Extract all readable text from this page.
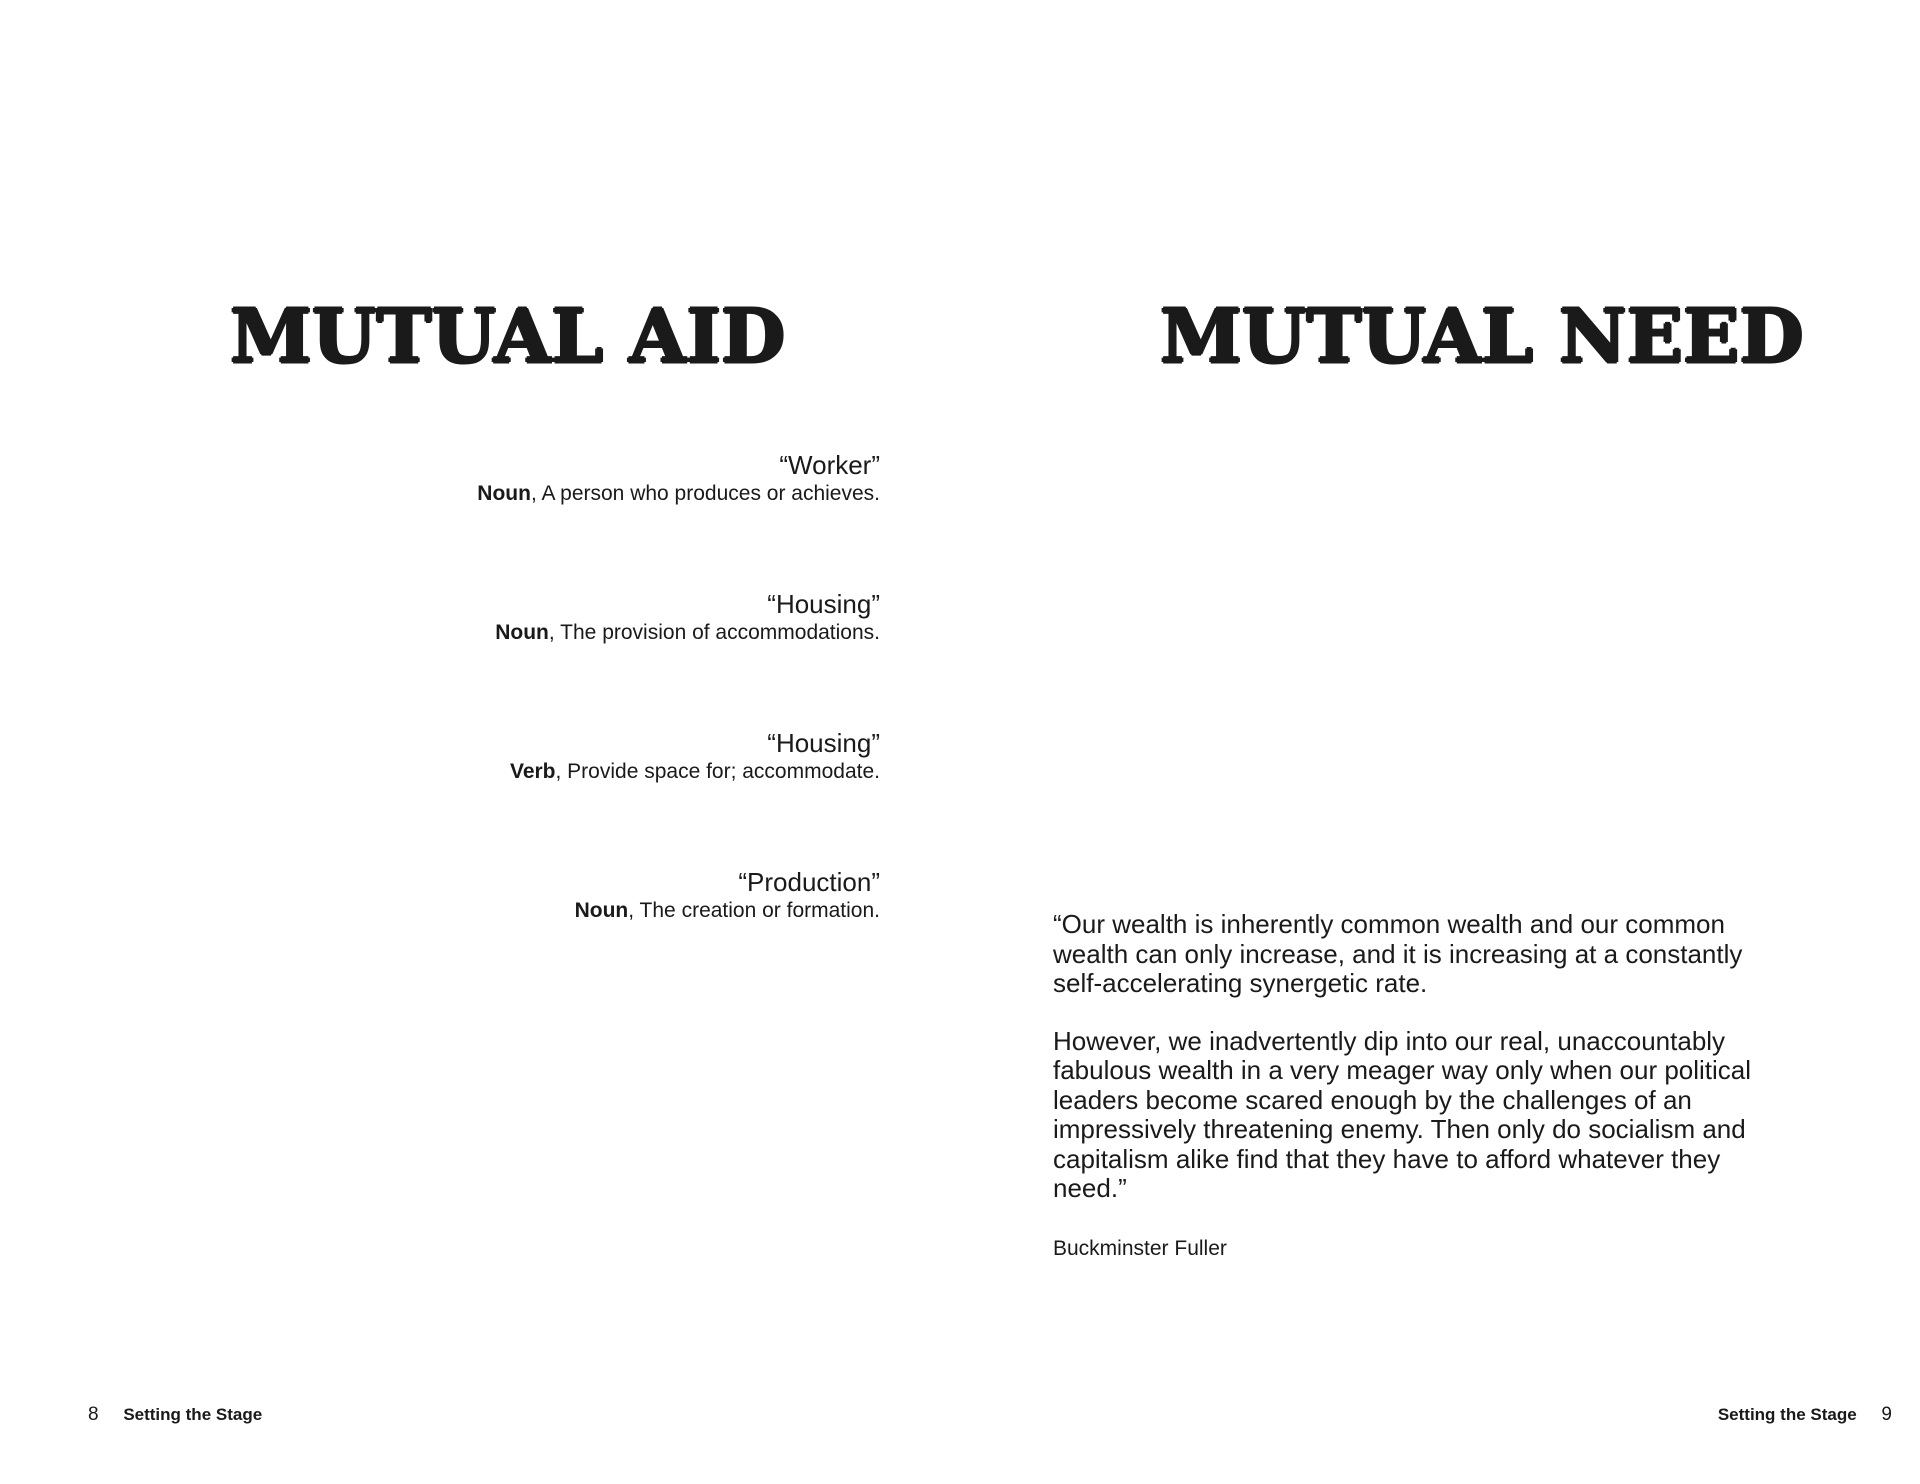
MUTUAL AID
“Worker”
Noun, A person who produces or achieves.
“Housing”
Noun, The provision of accommodations.
“Housing”
Verb, Provide space for; accommodate.
“Production”
Noun, The creation or formation.
8 Setting the Stage
MUTUAL NEED

“Our wealth is inherently common wealth and our common wealth can only increase, and it is increasing at a constantly self-accelerating synergetic rate.

However, we inadvertently dip into our real, unaccountably fabulous wealth in a very meager way only when our political leaders become scared enough by the challenges of an impressively threatening enemy. Then only do socialism and capitalism alike find that they have to afford whatever they need.”

Buckminster Fuller
Setting the Stage 9
